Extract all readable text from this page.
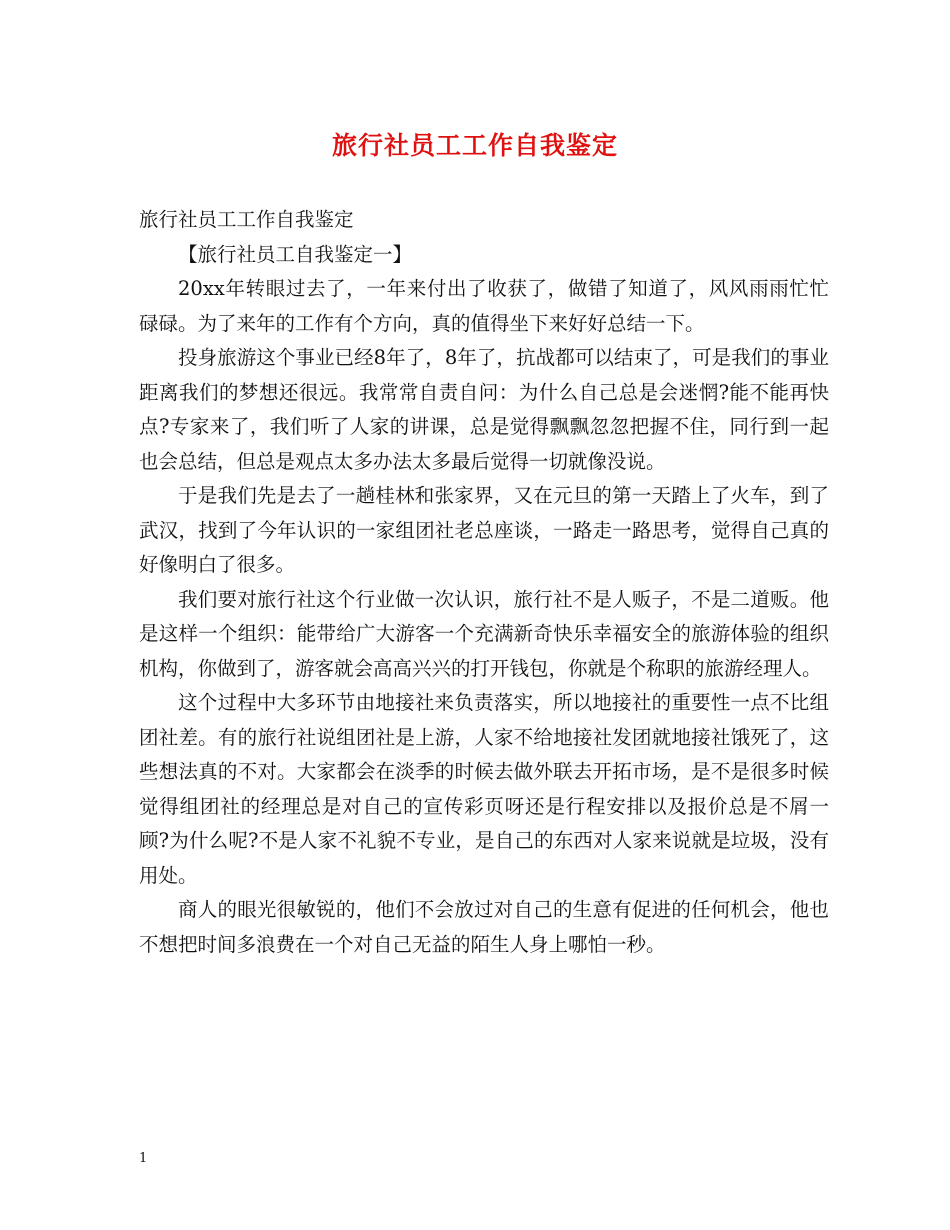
旅行社员工工作自我鉴定

旅行社员工工作自我鉴定

【旅行社员工自我鉴定一】

20xx年转眼过去了，一年来付出了收获了，做错了知道了，风风雨雨忙忙碌碌。为了来年的工作有个方向，真的值得坐下来好好总结一下。

投身旅游这个事业已经8年了，8年了，抗战都可以结束了，可是我们的事业距离我们的梦想还很远。我常常自责自问：为什么自己总是会迷惘?能不能再快点?专家来了，我们听了人家的讲课，总是觉得飘飘忽忽把握不住，同行到一起也会总结，但总是观点太多办法太多最后觉得一切就像没说。

于是我们先是去了一趟桂林和张家界，又在元旦的第一天踏上了火车，到了武汉，找到了今年认识的一家组团社老总座谈，一路走一路思考，觉得自己真的好像明白了很多。

我们要对旅行社这个行业做一次认识，旅行社不是人贩子，不是二道贩。他是这样一个组织：能带给广大游客一个充满新奇快乐幸福安全的旅游体验的组织机构，你做到了，游客就会高高兴兴的打开钱包，你就是个称职的旅游经理人。

这个过程中大多环节由地接社来负责落实，所以地接社的重要性一点不比组团社差。有的旅行社说组团社是上游，人家不给地接社发团就地接社饿死了，这些想法真的不对。大家都会在淡季的时候去做外联去开拓市场，是不是很多时候觉得组团社的经理总是对自己的宣传彩页呀还是行程安排以及报价总是不屑一顾?为什么呢?不是人家不礼貌不专业，是自己的东西对人家来说就是垃圾，没有用处。

商人的眼光很敏锐的，他们不会放过对自己的生意有促进的任何机会，他也不想把时间多浪费在一个对自己无益的陌生人身上哪怕一秒。

1
